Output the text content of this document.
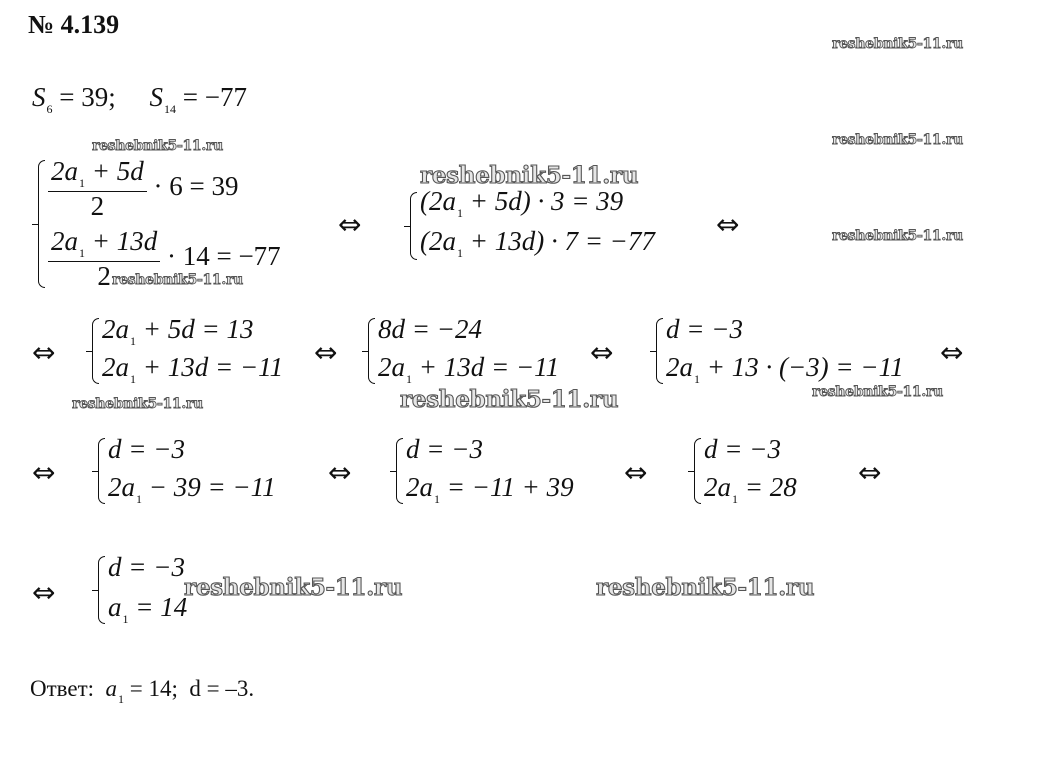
№ 4.139
reshebnik5-11.ru
reshebnik5-11.ru	reshebnik5-11.ru
reshebnik5-11.ru
reshebnik5-11.ru
reshebnik5-11.ru
reshebnik5-11.ru	reshebnik5-11.ru	reshebnik5-11.ru
reshebnik5-11.ru	reshebnik5-11.ru
$S_6 = 39$; $S_{14} = -77$
$\frac{2a_1 + 5d}{2} \cdot 6 = 39$
$\frac{2a_1 + 13d}{2} \cdot 14 = -77$
⇔
$(2a_1 + 5d) \cdot 3 = 39$
$(2a_1 + 13d) \cdot 7 = -77$ ⇔
⇔
$2a_1 + 5d = 13$
$2a_1 + 13d = -11$ ⇔
8d = −24
$2a_1 + 13d = -11$ ⇔
d = −3
$2a_1 + 13 \cdot (-3) = -11$ ⇔
⇔
d = −3
$2a_1 - 39 = -11$ ⇔
d = −3
$2a_1 = -11 + 39$ ⇔
d = −3
$2a_1 = 28$ ⇔
⇔
d = −3
$a_1 = 14$
Ответ: $a_1 = 14$; d = –3.
